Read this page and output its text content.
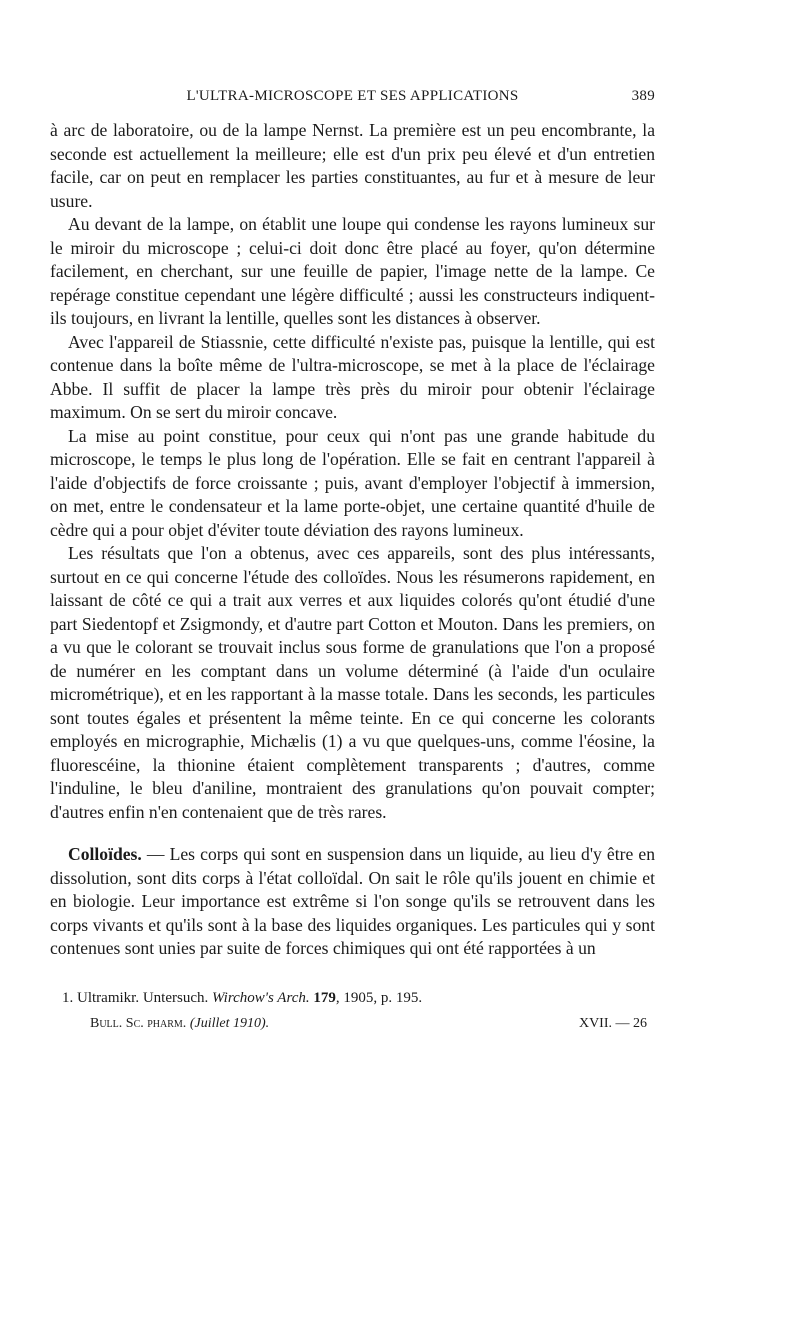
L'ULTRA-MICROSCOPE ET SES APPLICATIONS	389

à arc de laboratoire, ou de la lampe Nernst. La première est un peu encombrante, la seconde est actuellement la meilleure; elle est d'un prix peu élevé et d'un entretien facile, car on peut en remplacer les parties constituantes, au fur et à mesure de leur usure.

Au devant de la lampe, on établit une loupe qui condense les rayons lumineux sur le miroir du microscope ; celui-ci doit donc être placé au foyer, qu'on détermine facilement, en cherchant, sur une feuille de papier, l'image nette de la lampe. Ce repérage constitue cependant une légère difficulté ; aussi les constructeurs indiquent-ils toujours, en livrant la lentille, quelles sont les distances à observer.

Avec l'appareil de Stiassnie, cette difficulté n'existe pas, puisque la lentille, qui est contenue dans la boîte même de l'ultra-microscope, se met à la place de l'éclairage Abbe. Il suffit de placer la lampe très près du miroir pour obtenir l'éclairage maximum. On se sert du miroir concave.

La mise au point constitue, pour ceux qui n'ont pas une grande habitude du microscope, le temps le plus long de l'opération. Elle se fait en centrant l'appareil à l'aide d'objectifs de force croissante ; puis, avant d'employer l'objectif à immersion, on met, entre le condensateur et la lame porte-objet, une certaine quantité d'huile de cèdre qui a pour objet d'éviter toute déviation des rayons lumineux.

Les résultats que l'on a obtenus, avec ces appareils, sont des plus intéressants, surtout en ce qui concerne l'étude des colloïdes. Nous les résumerons rapidement, en laissant de côté ce qui a trait aux verres et aux liquides colorés qu'ont étudié d'une part Siedentopf et Zsigmondy, et d'autre part Cotton et Mouton. Dans les premiers, on a vu que le colorant se trouvait inclus sous forme de granulations que l'on a proposé de numérer en les comptant dans un volume déterminé (à l'aide d'un oculaire micrométrique), et en les rapportant à la masse totale. Dans les seconds, les particules sont toutes égales et présentent la même teinte. En ce qui concerne les colorants employés en micrographie, Michælis (1) a vu que quelques-uns, comme l'éosine, la fluorescéine, la thionine étaient complètement transparents ; d'autres, comme l'induline, le bleu d'aniline, montraient des granulations qu'on pouvait compter; d'autres enfin n'en contenaient que de très rares.

Colloïdes. — Les corps qui sont en suspension dans un liquide, au lieu d'y être en dissolution, sont dits corps à l'état colloïdal. On sait le rôle qu'ils jouent en chimie et en biologie. Leur importance est extrême si l'on songe qu'ils se retrouvent dans les corps vivants et qu'ils sont à la base des liquides organiques. Les particules qui y sont contenues sont unies par suite de forces chimiques qui ont été rapportées à un

1. Ultramikr. Untersuch. Wirchow's Arch. 179, 1905, p. 195.
Bull. Sc. pharm. (Juillet 1910).	XVII. — 26
